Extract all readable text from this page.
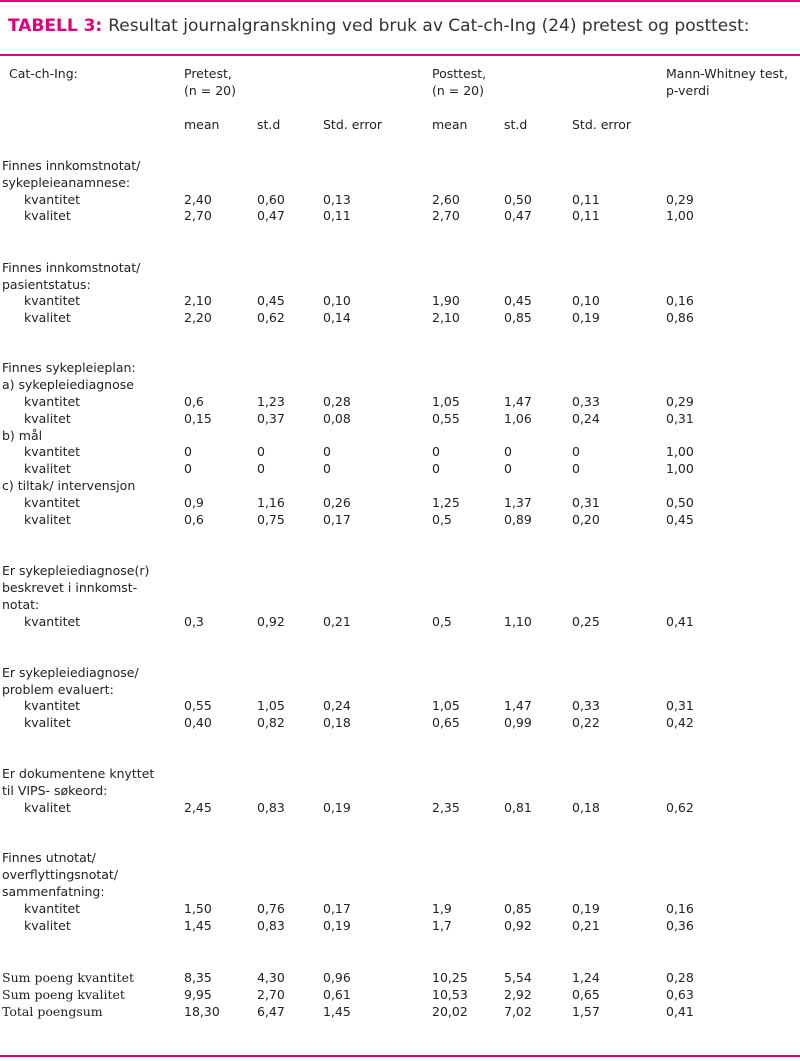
TABELL 3: Resultat journalgranskning ved bruk av Cat-ch-Ing (24) pretest og posttest:
Cat-ch-Ing:	Pretest,
(n = 20)
Posttest,
(n = 20)
Mann-Whitney test,
p-verdi
mean	st.d	Std. error	mean	st.d	Std. error
Finnes innkomstnotat/
sykepleieanamnese:
kvantitet	2,40	0,60	0,13	2,60	0,50	0,11	0,29
kvalitet	2,70	0,47	0,11	2,70	0,47	0,11	1,00
Finnes innkomstnotat/
pasientstatus:
kvantitet	2,10	0,45	0,10	1,90	0,45	0,10	0,16
kvalitet	2,20	0,62	0,14	2,10	0,85	0,19	0,86
Finnes sykepleieplan:
a) sykepleiediagnose
kvantitet	0,6	1,23	0,28	1,05	1,47	0,33	0,29
kvalitet	0,15	0,37	0,08	0,55	1,06	0,24	0,31
b) mål
kvantitet	0	0	0	0	0	0	1,00
kvalitet	0	0	0	0	0	0	1,00
c) tiltak/ intervensjon
kvantitet	0,9	1,16	0,26	1,25	1,37	0,31	0,50
kvalitet	0,6	0,75	0,17	0,5	0,89	0,20	0,45
Er sykepleiediagnose(r)
beskrevet i innkomst-
notat:
kvantitet	0,3	0,92	0,21	0,5	1,10	0,25	0,41
Er sykepleiediagnose/
problem evaluert:
kvantitet	0,55	1,05	0,24	1,05	1,47	0,33	0,31
kvalitet	0,40	0,82	0,18	0,65	0,99	0,22	0,42
Er dokumentene knyttet
til VIPS- søkeord:
kvalitet	2,45	0,83	0,19	2,35	0,81	0,18	0,62
Finnes utnotat/
overflyttingsnotat/
sammenfatning:
kvantitet	1,50	0,76	0,17	1,9	0,85	0,19	0,16
kvalitet	1,45	0,83	0,19	1,7	0,92	0,21	0,36
Sum poeng kvantitet	8,35	4,30	0,96	10,25	5,54	1,24	0,28
Sum poeng kvalitet	9,95	2,70	0,61	10,53	2,92	0,65	0,63
Total poengsum	18,30	6,47	1,45	20,02	7,02	1,57	0,41
